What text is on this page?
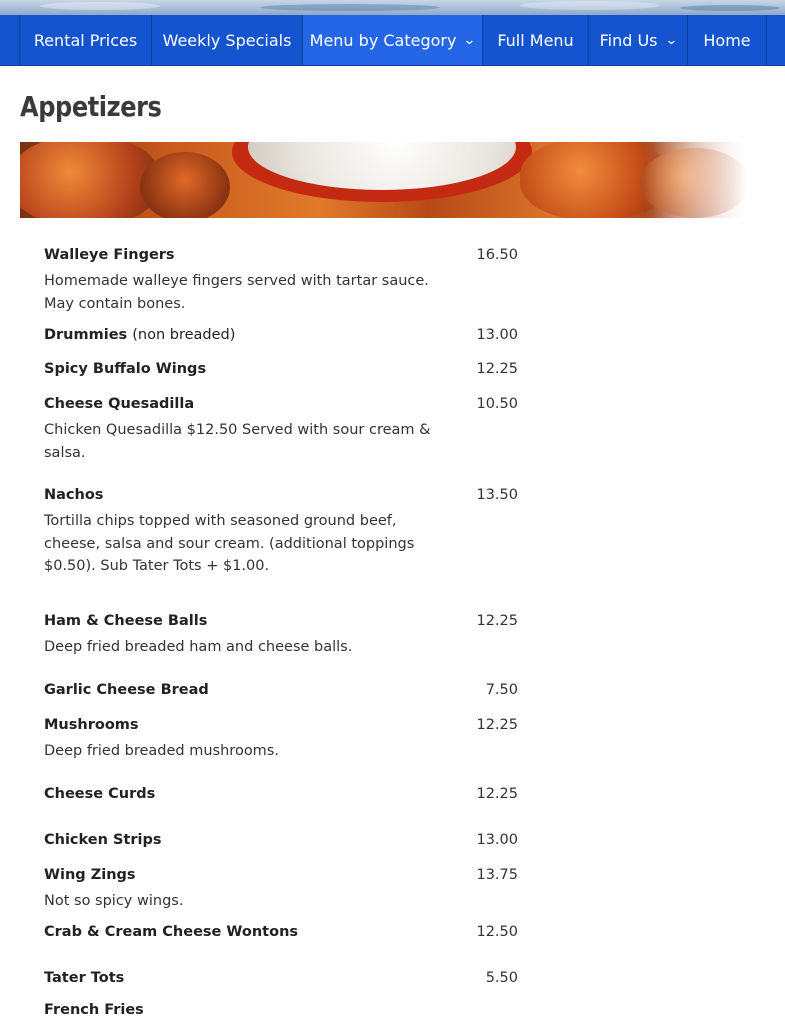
Rental Prices Weekly Specials Menu by Category ⌄ Full Menu Find Us ⌄ Home
Appetizers
Walleye Fingers	16.50
Homemade walleye fingers served with tartar sauce. May contain bones.
Drummies (non breaded)	13.00
Spicy Buffalo Wings	12.25
Cheese Quesadilla	10.50
Chicken Quesadilla $12.50 Served with sour cream & salsa.
Nachos	13.50
Tortilla chips topped with seasoned ground beef, cheese, salsa and sour cream. (additional toppings $0.50). Sub Tater Tots + $1.00.
Ham & Cheese Balls	12.25
Deep fried breaded ham and cheese balls.
Garlic Cheese Bread	7.50
Mushrooms	12.25
Deep fried breaded mushrooms.
Cheese Curds	12.25
Chicken Strips	13.00
Wing Zings	13.75
Not so spicy wings.
Crab & Cream Cheese Wontons	12.50
Tater Tots	5.50
French Fries
